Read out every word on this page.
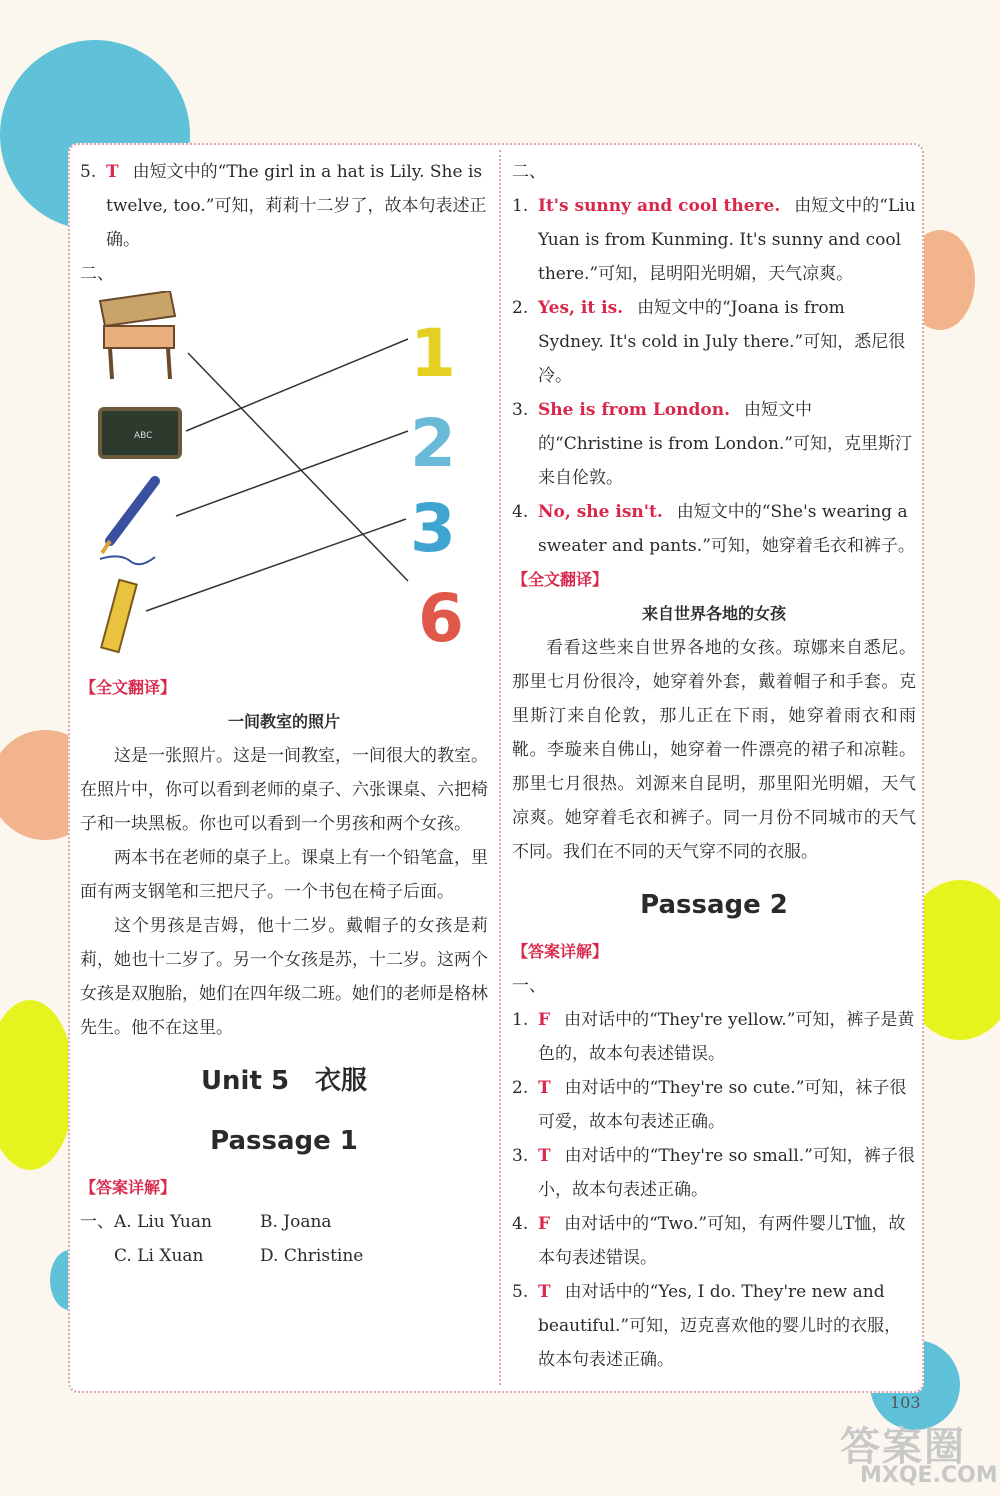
5. T 由短文中的“The girl in a hat is Lily. She is twelve, too.”可知，莉莉十二岁了，故本句表述正确。
二、
ABC
1
2
3
6
【全文翻译】
一间教室的照片

这是一张照片。这是一间教室，一间很大的教室。在照片中，你可以看到老师的桌子、六张课桌、六把椅子和一块黑板。你也可以看到一个男孩和两个女孩。

两本书在老师的桌子上。课桌上有一个铅笔盒，里面有两支钢笔和三把尺子。一个书包在椅子后面。

这个男孩是吉姆，他十二岁。戴帽子的女孩是莉莉，她也十二岁了。另一个女孩是苏，十二岁。这两个女孩是双胞胎，她们在四年级二班。她们的老师是格林先生。他不在这里。

Unit 5　衣服
Passage 1
【答案详解】
一、A. Liu Yuan	B. Joana
C. Li Xuan	D. Christine
二、
1. It's sunny and cool there. 由短文中的“Liu Yuan is from Kunming. It's sunny and cool there.”可知，昆明阳光明媚，天气凉爽。
2. Yes, it is. 由短文中的“Joana is from Sydney. It's cold in July there.”可知，悉尼很冷。
3. She is from London. 由短文中的“Christine is from London.”可知，克里斯汀来自伦敦。
4. No, she isn't. 由短文中的“She's wearing a sweater and pants.”可知，她穿着毛衣和裤子。
【全文翻译】
来自世界各地的女孩

看看这些来自世界各地的女孩。琼娜来自悉尼。那里七月份很冷，她穿着外套，戴着帽子和手套。克里斯汀来自伦敦，那儿正在下雨，她穿着雨衣和雨靴。李璇来自佛山，她穿着一件漂亮的裙子和凉鞋。那里七月很热。刘源来自昆明，那里阳光明媚，天气凉爽。她穿着毛衣和裤子。同一月份不同城市的天气不同。我们在不同的天气穿不同的衣服。

Passage 2
【答案详解】
一、
1. F 由对话中的“They're yellow.”可知，裤子是黄色的，故本句表述错误。
2. T 由对话中的“They're so cute.”可知，袜子很可爱，故本句表述正确。
3. T 由对话中的“They're so small.”可知，裤子很小，故本句表述正确。
4. F 由对话中的“Two.”可知，有两件婴儿T恤，故本句表述错误。
5. T 由对话中的“Yes, I do. They're new and beautiful.”可知，迈克喜欢他的婴儿时的衣服，故本句表述正确。
103
答案圈
MXQE.COM
